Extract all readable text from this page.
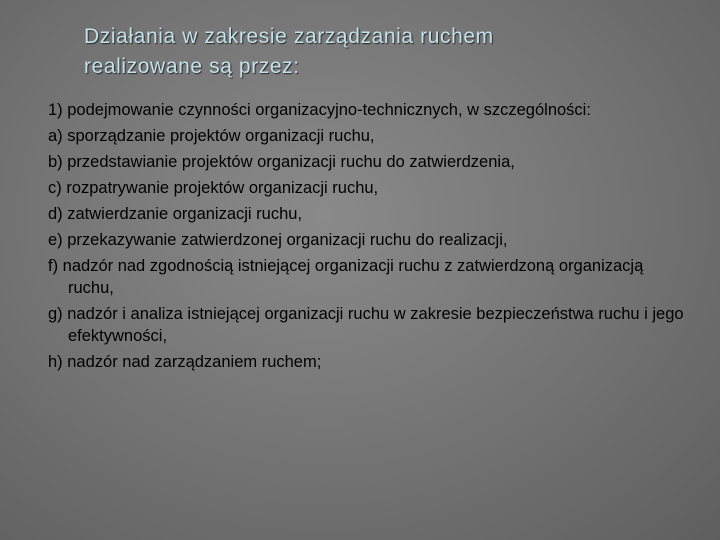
Działania w zakresie zarządzania ruchem
realizowane są przez:
1) podejmowanie czynności organizacyjno-technicznych, w szczególności:
a) sporządzanie projektów organizacji ruchu,
b) przedstawianie projektów organizacji ruchu do zatwierdzenia,
c) rozpatrywanie projektów organizacji ruchu,
d) zatwierdzanie organizacji ruchu,
e) przekazywanie zatwierdzonej organizacji ruchu do realizacji,
f) nadzór nad zgodnością istniejącej organizacji ruchu z zatwierdzoną organizacją ruchu,
g) nadzór i analiza istniejącej organizacji ruchu w zakresie bezpieczeństwa ruchu i jego efektywności,
h) nadzór nad zarządzaniem ruchem;
